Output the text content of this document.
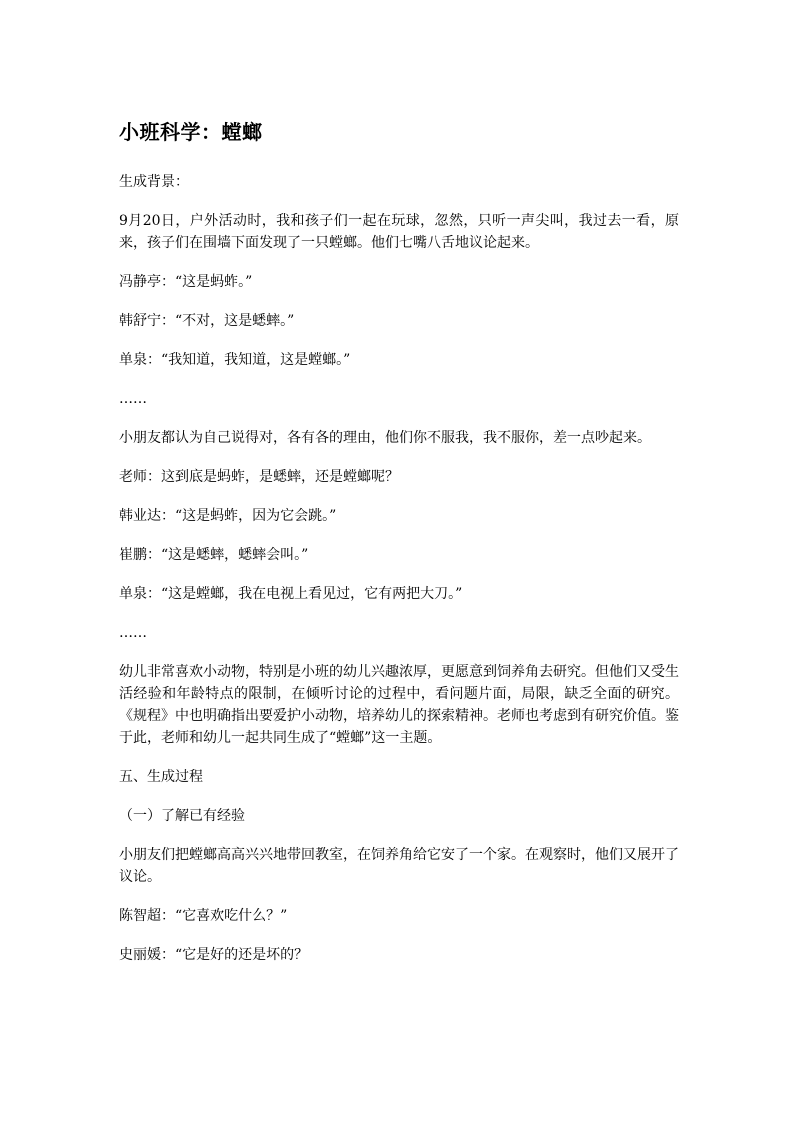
小班科学：螳螂

生成背景：

9月20日，户外活动时，我和孩子们一起在玩球，忽然，只听一声尖叫，我过去一看，原来，孩子们在围墙下面发现了一只螳螂。他们七嘴八舌地议论起来。

冯静亭：“这是蚂蚱。”

韩舒宁：“不对，这是蟋蟀。”

单泉：“我知道，我知道，这是螳螂。”

……

小朋友都认为自己说得对，各有各的理由，他们你不服我，我不服你，差一点吵起来。

老师：这到底是蚂蚱，是蟋蟀，还是螳螂呢？

韩业达：“这是蚂蚱，因为它会跳。”

崔鹏：“这是蟋蟀，蟋蟀会叫。”

单泉：“这是螳螂，我在电视上看见过，它有两把大刀。”

……

幼儿非常喜欢小动物，特别是小班的幼儿兴趣浓厚，更愿意到饲养角去研究。但他们又受生活经验和年龄特点的限制，在倾听讨论的过程中，看问题片面，局限，缺乏全面的研究。《规程》中也明确指出要爱护小动物，培养幼儿的探索精神。老师也考虑到有研究价值。鉴于此，老师和幼儿一起共同生成了“螳螂”这一主题。

五、生成过程

（一）了解已有经验

小朋友们把螳螂高高兴兴地带回教室，在饲养角给它安了一个家。在观察时，他们又展开了议论。

陈智超：“它喜欢吃什么？”

史丽媛：“它是好的还是坏的？
